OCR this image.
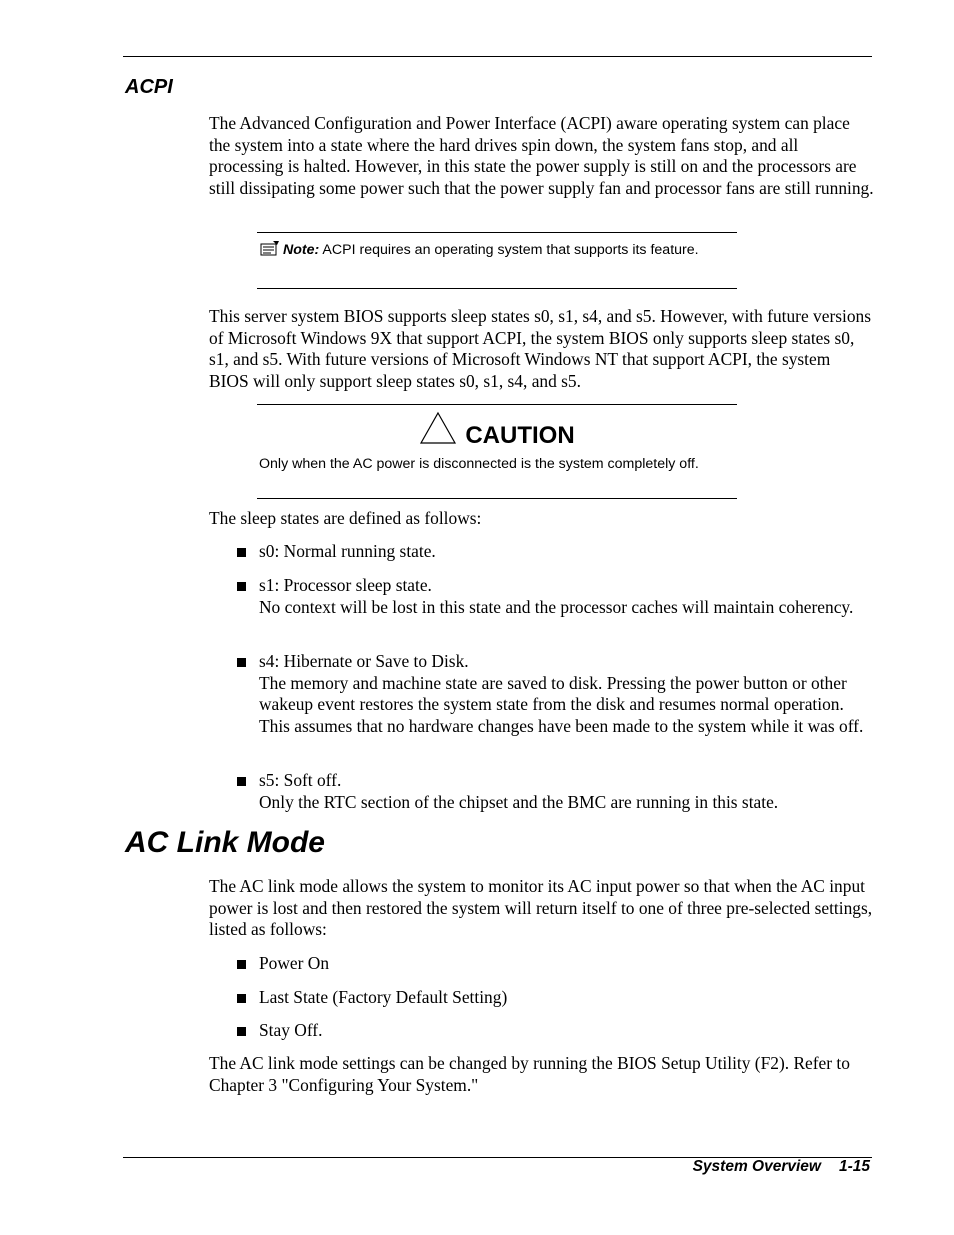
ACPI

The Advanced Configuration and Power Interface (ACPI) aware operating system can place the system into a state where the hard drives spin down, the system fans stop, and all processing is halted. However, in this state the power supply is still on and the processors are still dissipating some power such that the power supply fan and processor fans are still running.

Note: ACPI requires an operating system that supports its feature.

This server system BIOS supports sleep states s0, s1, s4, and s5. However, with future versions of Microsoft Windows 9X that support ACPI, the system BIOS only supports sleep states s0, s1, and s5. With future versions of Microsoft Windows NT that support ACPI, the system BIOS will only support sleep states s0, s1, s4, and s5.

CAUTION
Only when the AC power is disconnected is the system completely off.

The sleep states are defined as follows:

s0: Normal running state.
s1: Processor sleep state.
No context will be lost in this state and the processor caches will maintain coherency.
s4: Hibernate or Save to Disk.
The memory and machine state are saved to disk. Pressing the power button or other wakeup event restores the system state from the disk and resumes normal operation. This assumes that no hardware changes have been made to the system while it was off.
s5: Soft off.
Only the RTC section of the chipset and the BMC are running in this state.
AC Link Mode

The AC link mode allows the system to monitor its AC input power so that when the AC input power is lost and then restored the system will return itself to one of three pre-selected settings, listed as follows:

Power On
Last State (Factory Default Setting)
Stay Off.

The AC link mode settings can be changed by running the BIOS Setup Utility (F2). Refer to Chapter 3 "Configuring Your System."

System Overview 1-15
